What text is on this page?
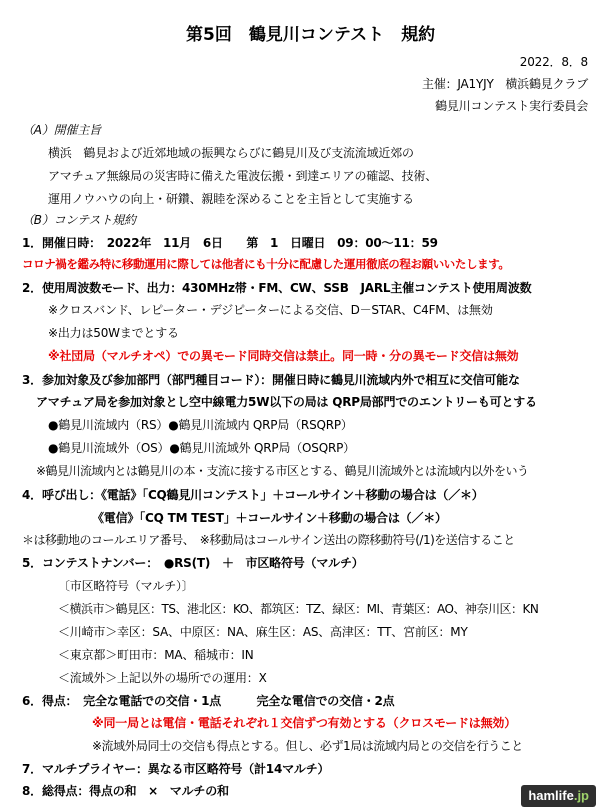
第5回　鶴見川コンテスト　規約
2022．8．8
主催：JA1YJY　横浜鶴見クラブ
鶴見川コンテスト実行委員会
（A）開催主旨
横浜　鶴見および近郊地域の振興ならびに鶴見川及び支流流域近郊の
アマチュア無線局の災害時に備えた電波伝搬・到達エリアの確認、技術、
運用ノウハウの向上・研鑽、親睦を深めることを主旨として実施する
（B）コンテスト規約
1．開催日時：　2022年　11月　6日　　第　1　日曜日　09：00～11：59
コロナ禍を鑑み特に移動運用に際しては他者にも十分に配慮した運用徹底の程お願いいたします。
2．使用周波数モード、出力：430MHz帯・FM、CW、SSB　JARL主催コンテスト使用周波数
※クロスバンド、レピーター・デジピーターによる交信、D－STAR、C4FM、は無効
※出力は50Wまでとする
※社団局（マルチオペ）での異モード同時交信は禁止。同一時・分の異モード交信は無効
3．参加対象及び参加部門（部門種目コード）：開催日時に鶴見川流域内外で相互に交信可能な
アマチュア局を参加対象とし空中線電力5W以下の局は QRP局部門でのエントリーも可とする
●鶴見川流域内（RS）●鶴見川流域内 QRP局（RSQRP）
●鶴見川流域外（OS）●鶴見川流域外 QRP局（OSQRP）
※鶴見川流域内とは鶴見川の本・支流に接する市区とする、鶴見川流域外とは流域内以外をいう
4．呼び出し：《電話》「CQ鶴見川コンテスト」＋コールサイン＋移動の場合は（／＊）
《電信》「CQ TM TEST」＋コールサイン＋移動の場合は（／＊）
＊は移動地のコールエリア番号、　※移動局はコールサイン送出の際移動符号(/1)を送信すること
5．コンテストナンバー：　●RS(T)　＋　市区略符号（マルチ）
〔市区略符号（マルチ）〕
＜横浜市＞鶴見区：TS、港北区：KO、都筑区：TZ、緑区：MI、青葉区：AO、神奈川区：KN
＜川崎市＞幸区：SA、中原区：NA、麻生区：AS、高津区：TT、宮前区：MY
＜東京都＞町田市：MA、稲城市：IN
＜流域外＞上記以外の場所での運用：X
6．得点：　完全な電話での交信・1点　　　完全な電信での交信・2点
※同一局とは電信・電話それぞれ１交信ずつ有効とする（クロスモードは無効）
※流域外局同士の交信も得点とする。但し、必ず1局は流域内局との交信を行うこと
7．マルチプライヤー：異なる市区略符号（計14マルチ）
8．総得点：得点の和　×　マルチの和	hamlife.jp
